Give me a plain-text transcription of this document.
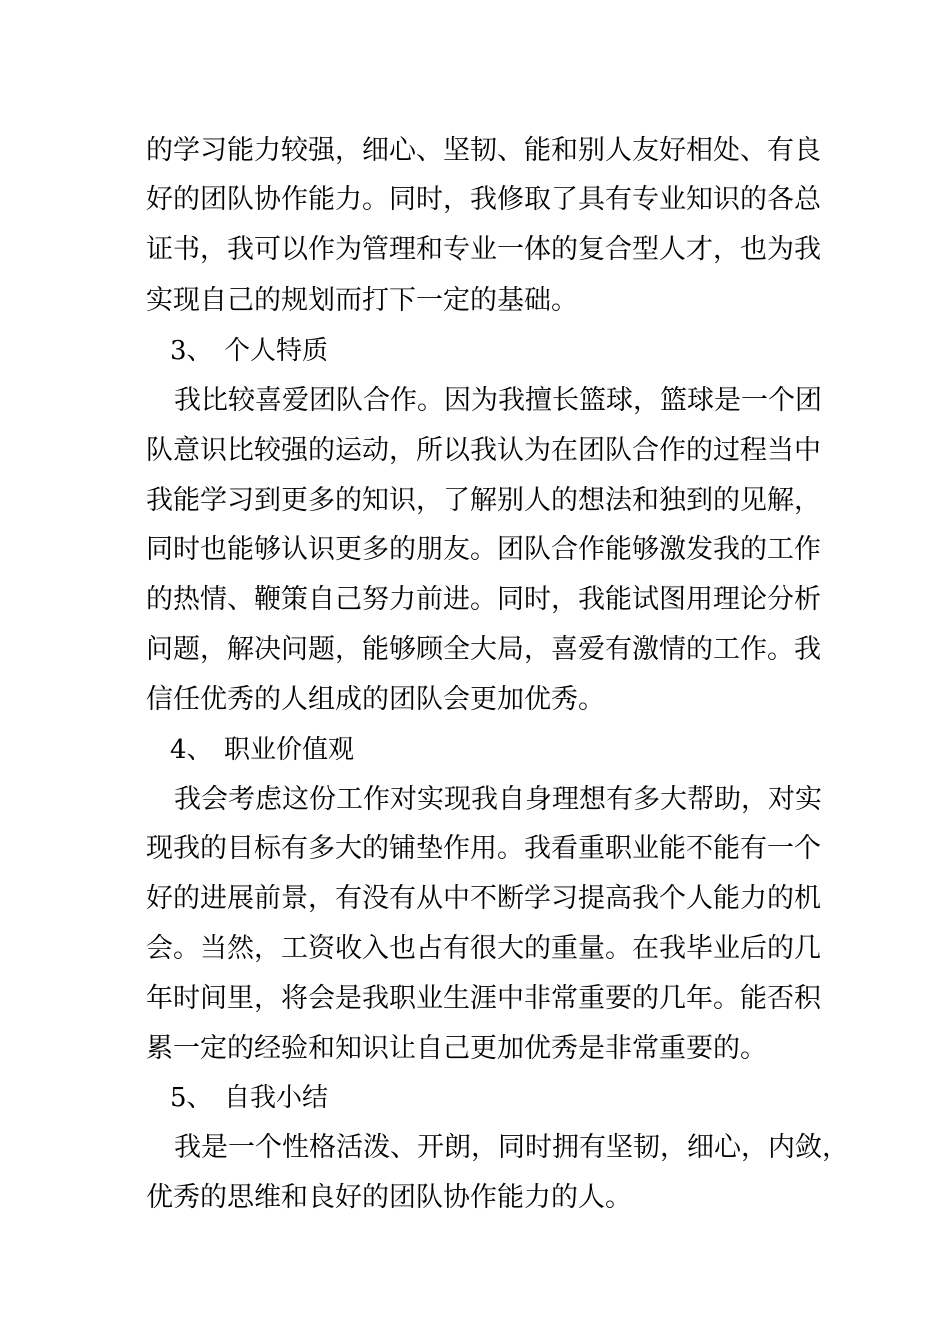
的学习能力较强，细心、坚韧、能和别人友好相处、有良
好的团队协作能力。同时，我修取了具有专业知识的各总
证书，我可以作为管理和专业一体的复合型人才，也为我
实现自己的规划而打下一定的基础。
3、 个人特质
我比较喜爱团队合作。因为我擅长篮球，篮球是一个团
队意识比较强的运动，所以我认为在团队合作的过程当中
我能学习到更多的知识，了解别人的想法和独到的见解，
同时也能够认识更多的朋友。团队合作能够激发我的工作
的热情、鞭策自己努力前进。同时，我能试图用理论分析
问题，解决问题，能够顾全大局，喜爱有激情的工作。我
信任优秀的人组成的团队会更加优秀。
4、 职业价值观
我会考虑这份工作对实现我自身理想有多大帮助，对实
现我的目标有多大的铺垫作用。我看重职业能不能有一个
好的进展前景，有没有从中不断学习提高我个人能力的机
会。当然，工资收入也占有很大的重量。在我毕业后的几
年时间里，将会是我职业生涯中非常重要的几年。能否积
累一定的经验和知识让自己更加优秀是非常重要的。
5、 自我小结
我是一个性格活泼、开朗，同时拥有坚韧，细心，内敛，
优秀的思维和良好的团队协作能力的人。
